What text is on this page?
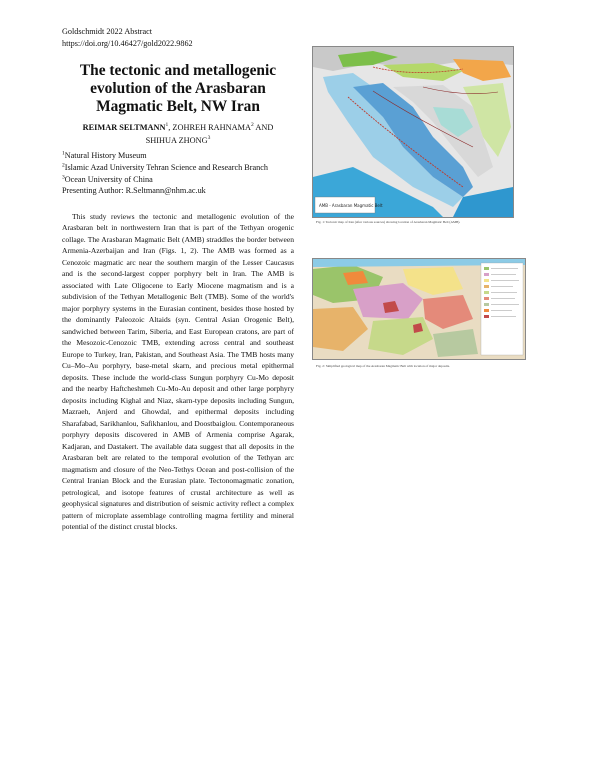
Goldschmidt 2022 Abstract
https://doi.org/10.46427/gold2022.9862
The tectonic and metallogenic evolution of the Arasbaran Magmatic Belt, NW Iran
REIMAR SELTMANN$^1$, ZOHREH RAHNAMA$^2$ AND
SHIHUA ZHONG$^3$
$^1$Natural History Museum
$^2$Islamic Azad University Tehran Science and Research Branch
$^3$Ocean University of China
Presenting Author: R.Seltmann@nhm.ac.uk
This study reviews the tectonic and metallogenic evolution of the Arasbaran belt in northwestern Iran that is part of the Tethyan orogenic collage. The Arasbaran Magmatic Belt (AMB) straddles the border between Armenia-Azerbaijan and Iran (Figs. 1, 2). The AMB was formed as a Cenozoic magmatic arc near the southern margin of the Lesser Caucasus and is the second-largest copper porphyry belt in Iran. The AMB is associated with Late Oligocene to Early Miocene magmatism and is a subdivision of the Tethyan Metallogenic Belt (TMB). Some of the world's major porphyry systems in the Eurasian continent, besides those hosted by the dominantly Paleozoic Altaids (syn. Central Asian Orogenic Belt), sandwiched between Tarim, Siberia, and East European cratons, are part of the Mesozoic-Cenozoic TMB, extending across central and southeast Europe to Turkey, Iran, Pakistan, and Southeast Asia. The TMB hosts many Cu–Mo–Au porphyry, base-metal skarn, and precious metal epithermal deposits. These include the world-class Sungun porphyry Cu-Mo deposit and the nearby Haftcheshmeh Cu-Mo-Au deposit and other large porphyry deposits including Kighal and Niaz, skarn-type deposits including Sungun, Mazraeh, Anjerd and Ghowdal, and epithermal deposits including Sharafabad, Sarikhanlou, Safikhanlou, and Doostbaiglou. Contemporaneous porphyry deposits discovered in AMB of Armenia comprise Agarak, Kadjaran, and Dastakert. The available data suggest that all deposits in the Arasbaran belt are related to the temporal evolution of the Tethyan arc magmatism and closure of the Neo-Tethys Ocean and post-collision of the Central Iranian Block and the Eurasian plate. Tectonomagmatic zonation, petrological, and isotope features of crustal architecture as well as geophysical signatures and distribution of seismic activity reflect a complex pattern of microplate assemblage controlling magma fertility and mineral potential of the distinct crustal blocks.
AMB - Arasbaran Magmatic Belt
Fig. 1: Tectonic map of Iran (after various sources) showing location of Arasbaran Magmatic Belt (AMB).
Fig. 2: Simplified geological map of the Arasbaran Magmatic Belt with location of major deposits.
